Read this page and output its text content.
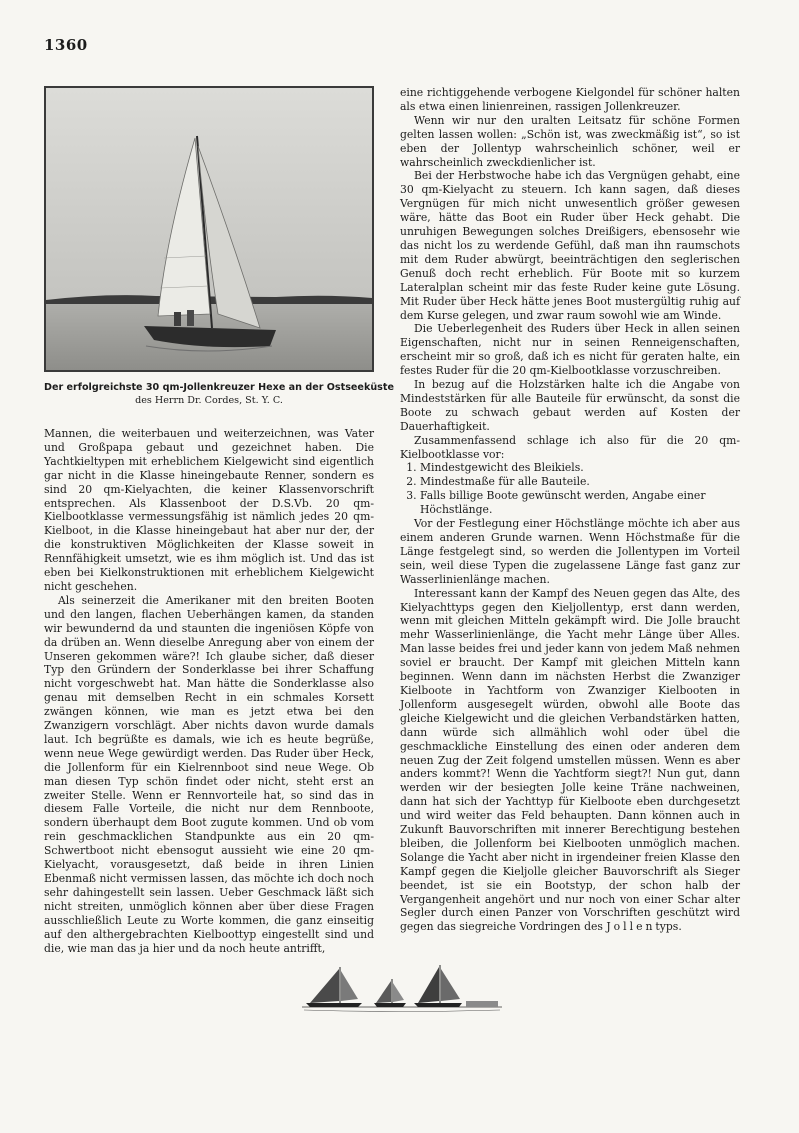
1360
Der erfolgreichste 30 qm-Jollenkreuzer Hexe an der Ostseeküste
des Herrn Dr. Cordes, St. Y. C.

Mannen, die weiterbauen und weiterzeichnen, was Vater und Großpapa gebaut und gezeichnet haben. Die Yachtkieltypen mit erheblichem Kielgewicht sind eigentlich gar nicht in die Klasse hineingebaute Renner, sondern es sind 20 qm-Kielyachten, die keiner Klassenvorschrift entsprechen. Als Klassenboot der D.S.Vb. 20 qm-Kielbootklasse vermessungsfähig ist nämlich jedes 20 qm-Kielboot, in die Klasse hineingebaut hat aber nur der, der die konstruktiven Möglichkeiten der Klasse soweit in Rennfähigkeit umsetzt, wie es ihm möglich ist. Und das ist eben bei Kielkonstruktionen mit erheblichem Kielgewicht nicht geschehen.

Als seinerzeit die Amerikaner mit den breiten Booten und den langen, flachen Ueberhängen kamen, da standen wir bewundernd da und staunten die ingeniösen Köpfe von da drüben an. Wenn dieselbe Anregung aber von einem der Unseren gekommen wäre?! Ich glaube sicher, daß dieser Typ den Gründern der Sonderklasse bei ihrer Schaffung nicht vorgeschwebt hat. Man hätte die Sonderklasse also genau mit demselben Recht in ein schmales Korsett zwängen können, wie man es jetzt etwa bei den Zwanzigern vorschlägt. Aber nichts davon wurde damals laut. Ich begrüßte es damals, wie ich es heute begrüße, wenn neue Wege gewürdigt werden. Das Ruder über Heck, die Jollenform für ein Kielrennboot sind neue Wege. Ob man diesen Typ schön findet oder nicht, steht erst an zweiter Stelle. Wenn er Rennvorteile hat, so sind das in diesem Falle Vorteile, die nicht nur dem Rennboote, sondern überhaupt dem Boot zugute kommen. Und ob vom rein geschmacklichen Standpunkte aus ein 20 qm-Schwertboot nicht ebensogut aussieht wie eine 20 qm-Kielyacht, vorausgesetzt, daß beide in ihren Linien Ebenmaß nicht vermissen lassen, das möchte ich doch noch sehr dahingestellt sein lassen. Ueber Geschmack läßt sich nicht streiten, unmöglich können aber über diese Fragen ausschließlich Leute zu Worte kommen, die ganz einseitig auf den althergebrachten Kielboottyp eingestellt sind und die, wie man das ja hier und da noch heute antrifft,

eine richtiggehende verbogene Kielgondel für schöner halten als etwa einen linienreinen, rassigen Jollenkreuzer.

Wenn wir nur den uralten Leitsatz für schöne Formen gelten lassen wollen: „Schön ist, was zweckmäßig ist“, so ist eben der Jollentyp wahrscheinlich schöner, weil er wahrscheinlich zweckdienlicher ist.

Bei der Herbstwoche habe ich das Vergnügen gehabt, eine 30 qm-Kielyacht zu steuern. Ich kann sagen, daß dieses Vergnügen für mich nicht unwesentlich größer gewesen wäre, hätte das Boot ein Ruder über Heck gehabt. Die unruhigen Bewegungen solches Dreißigers, ebensosehr wie das nicht los zu werdende Gefühl, daß man ihn raumschots mit dem Ruder abwürgt, beeinträchtigen den seglerischen Genuß doch recht erheblich. Für Boote mit so kurzem Lateralplan scheint mir das feste Ruder keine gute Lösung. Mit Ruder über Heck hätte jenes Boot mustergültig ruhig auf dem Kurse gelegen, und zwar raum sowohl wie am Winde.

Die Ueberlegenheit des Ruders über Heck in allen seinen Eigenschaften, nicht nur in seinen Renneigenschaften, erscheint mir so groß, daß ich es nicht für geraten halte, ein festes Ruder für die 20 qm-Kielbootklasse vorzuschreiben.

In bezug auf die Holzstärken halte ich die Angabe von Mindeststärken für alle Bauteile für erwünscht, da sonst die Boote zu schwach gebaut werden auf Kosten der Dauerhaftigkeit.

Zusammenfassend schlage ich also für die 20 qm-Kielbootklasse vor:

1. Mindestgewicht des Bleikiels.
2. Mindestmaße für alle Bauteile.
3. Falls billige Boote gewünscht werden, Angabe einer Höchstlänge.

Vor der Festlegung einer Höchstlänge möchte ich aber aus einem anderen Grunde warnen. Wenn Höchstmaße für die Länge festgelegt sind, so werden die Jollentypen im Vorteil sein, weil diese Typen die zugelassene Länge fast ganz zur Wasserlinienlänge machen.

Interessant kann der Kampf des Neuen gegen das Alte, des Kielyachttyps gegen den Kieljollentyp, erst dann werden, wenn mit gleichen Mitteln gekämpft wird. Die Jolle braucht mehr Wasserlinienlänge, die Yacht mehr Länge über Alles. Man lasse beides frei und jeder kann von jedem Maß nehmen soviel er braucht. Der Kampf mit gleichen Mitteln kann beginnen. Wenn dann im nächsten Herbst die Zwanziger Kielboote in Yachtform von Zwanziger Kielbooten in Jollenform ausgesegelt würden, obwohl alle Boote das gleiche Kielgewicht und die gleichen Verbandstärken hatten, dann würde sich allmählich wohl oder übel die geschmackliche Einstellung des einen oder anderen dem neuen Zug der Zeit folgend umstellen müssen. Wenn es aber anders kommt?! Wenn die Yachtform siegt?! Nun gut, dann werden wir der besiegten Jolle keine Träne nachweinen, dann hat sich der Yachttyp für Kielboote eben durchgesetzt und wird weiter das Feld behaupten. Dann können auch in Zukunft Bauvorschriften mit innerer Berechtigung bestehen bleiben, die Jollenform bei Kielbooten unmöglich machen. Solange die Yacht aber nicht in irgendeiner freien Klasse den Kampf gegen die Kieljolle gleicher Bauvorschrift als Sieger beendet, ist sie ein Bootstyp, der schon halb der Vergangenheit angehört und nur noch von einer Schar alter Segler durch einen Panzer von Vorschriften geschützt wird gegen das siegreiche Vordringen des Jollentyps.
